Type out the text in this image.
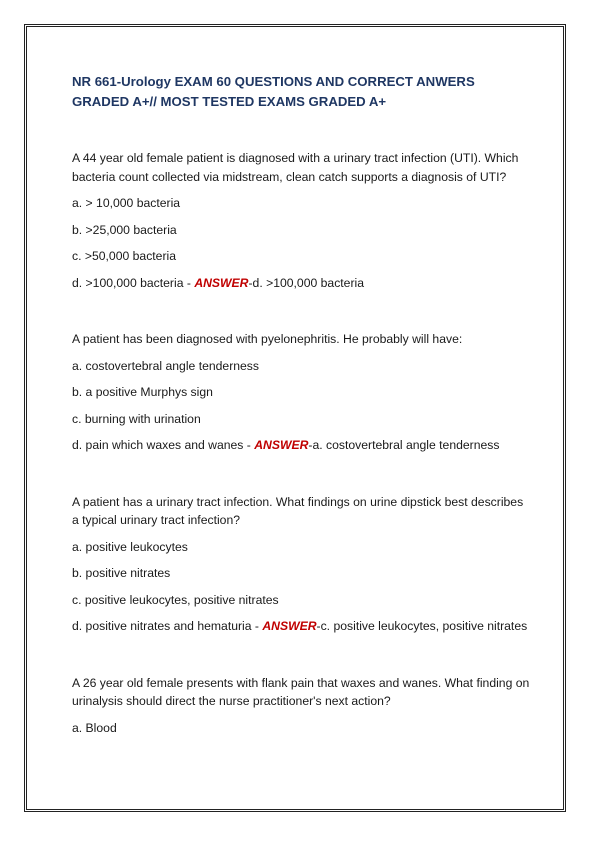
NR 661-Urology EXAM 60 QUESTIONS AND CORRECT ANWERS GRADED A+// MOST TESTED EXAMS GRADED A+

A 44 year old female patient is diagnosed with a urinary tract infection (UTI). Which bacteria count collected via midstream, clean catch supports a diagnosis of UTI?

a. > 10,000 bacteria

b. >25,000 bacteria

c. >50,000 bacteria

d. >100,000 bacteria - ANSWER-d. >100,000 bacteria

A patient has been diagnosed with pyelonephritis. He probably will have:

a. costovertebral angle tenderness

b. a positive Murphys sign

c. burning with urination

d. pain which waxes and wanes - ANSWER-a. costovertebral angle tenderness

A patient has a urinary tract infection. What findings on urine dipstick best describes a typical urinary tract infection?

a. positive leukocytes

b. positive nitrates

c. positive leukocytes, positive nitrates

d. positive nitrates and hematuria - ANSWER-c. positive leukocytes, positive nitrates

A 26 year old female presents with flank pain that waxes and wanes. What finding on urinalysis should direct the nurse practitioner's next action?

a. Blood
